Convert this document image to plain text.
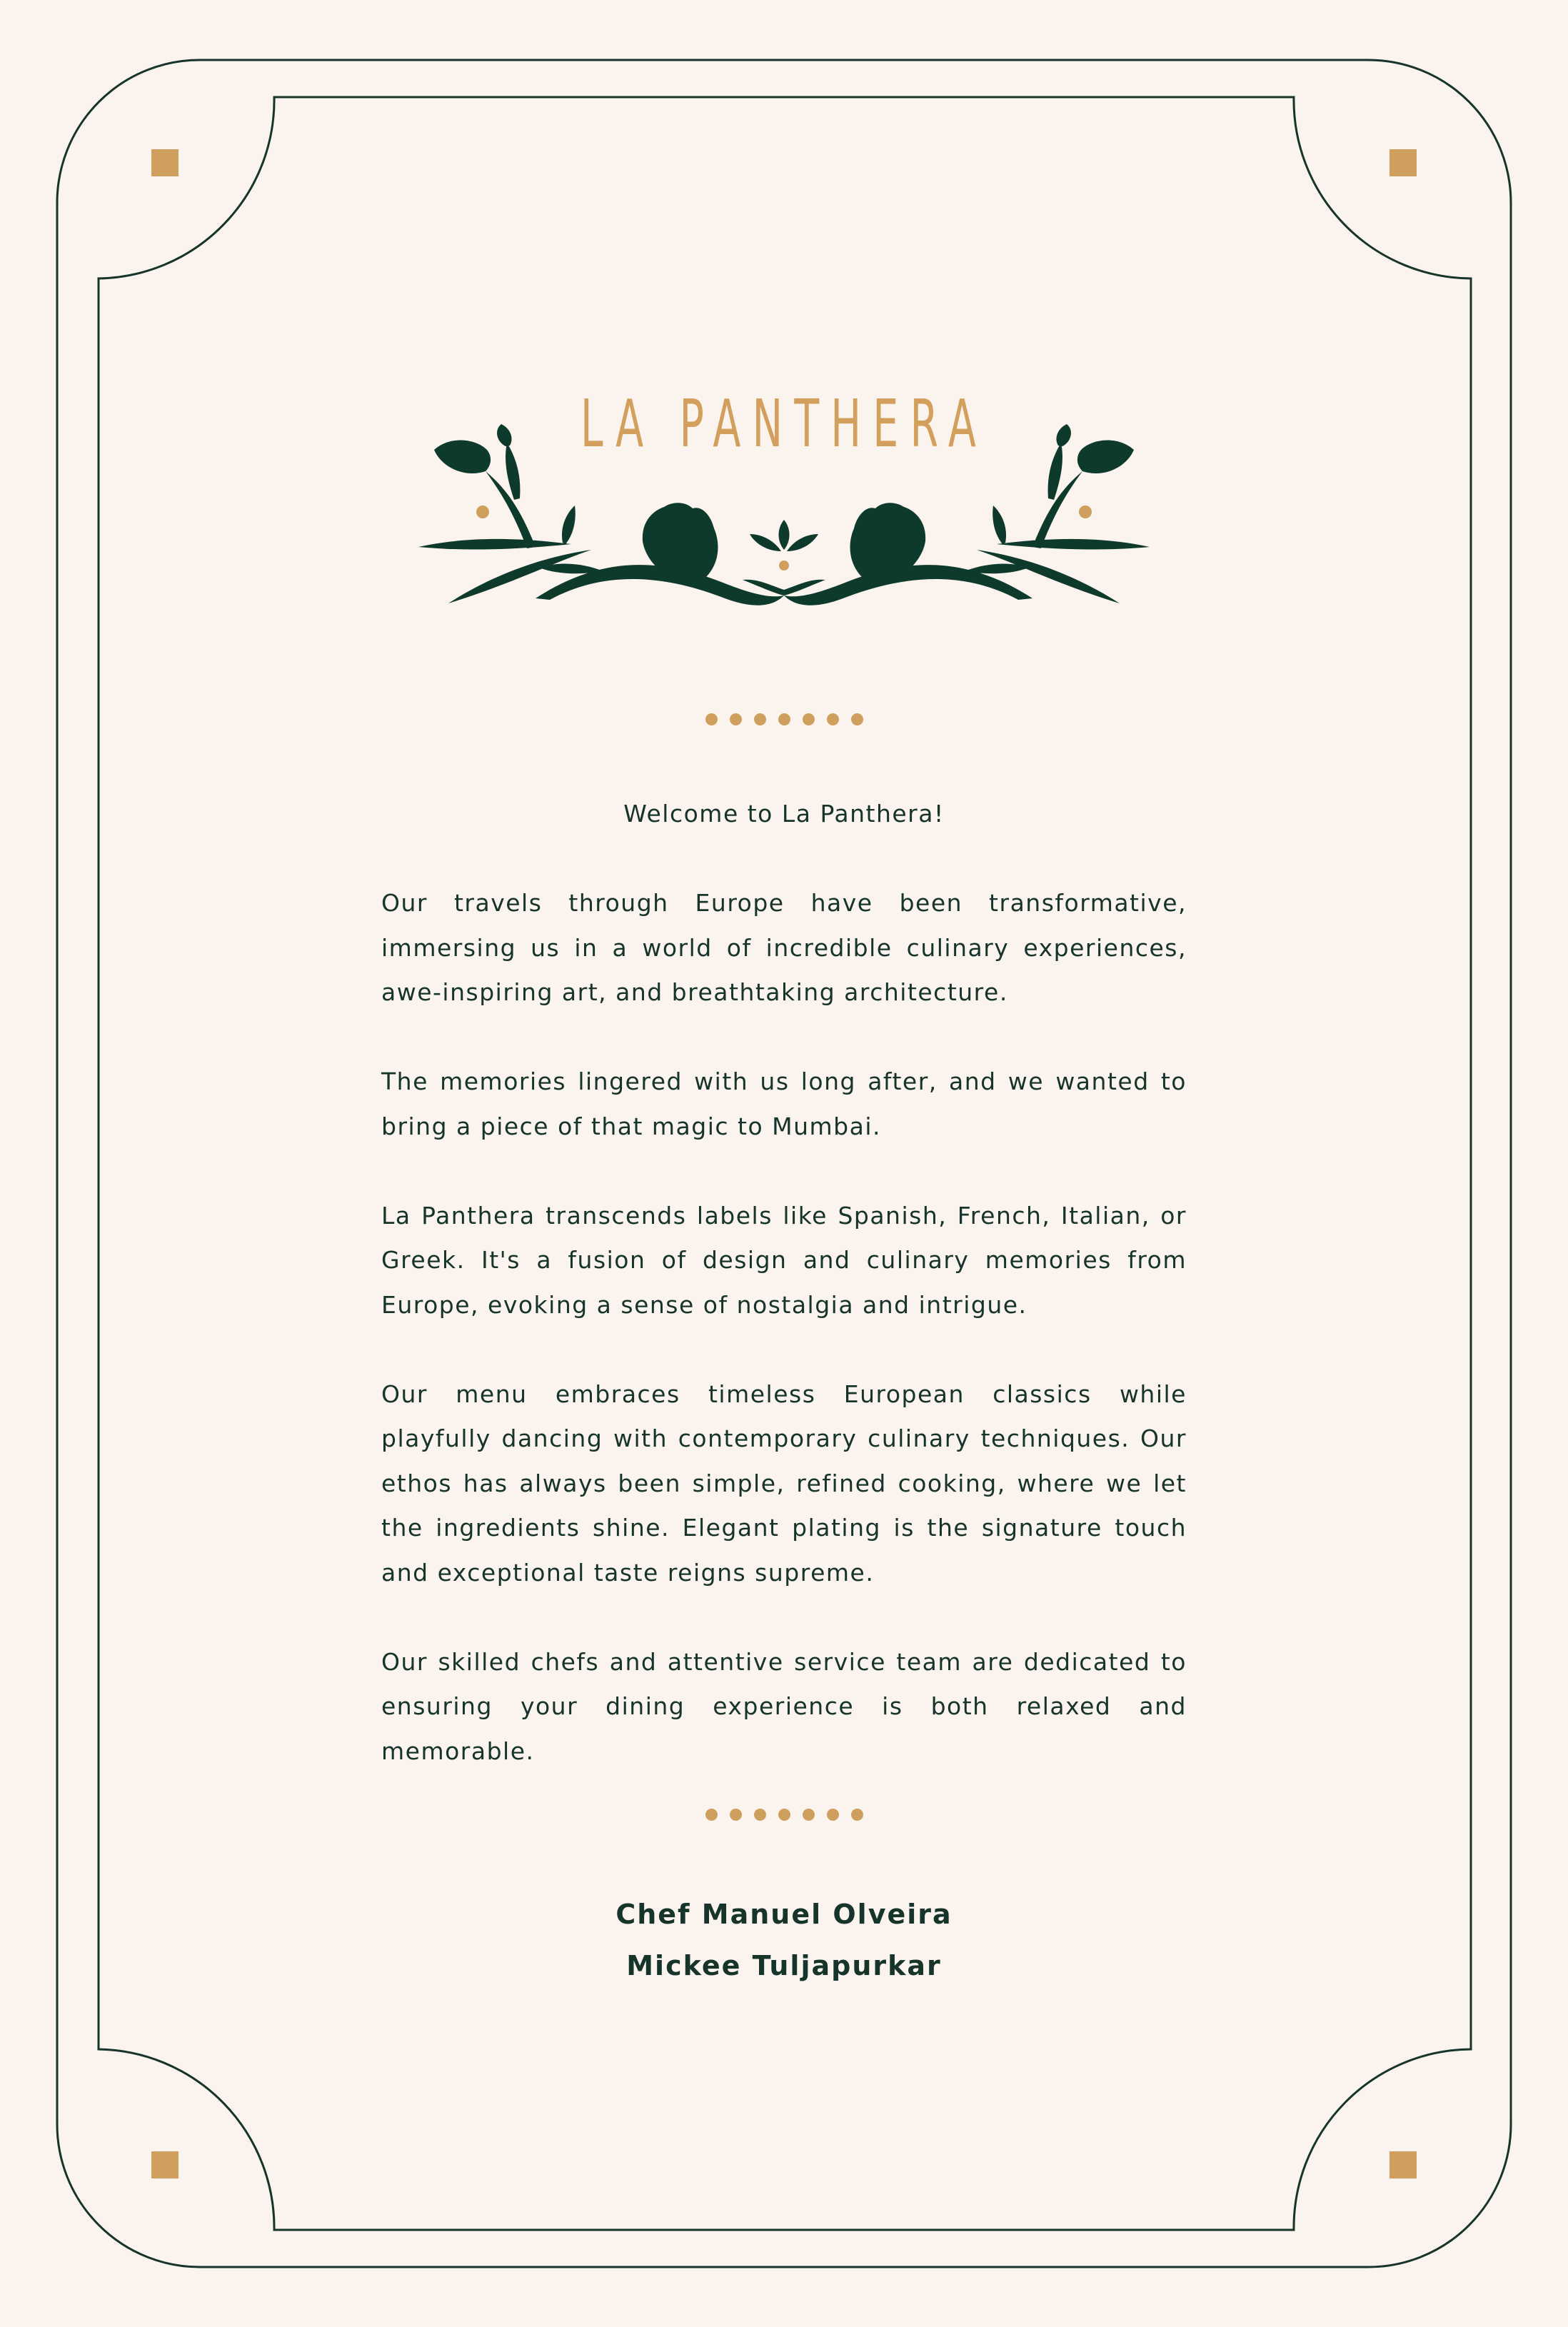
LA PANTHERA
Welcome to La Panthera!

Our travels through Europe have been transformative, immersing us in a world of incredible culinary experiences, awe-inspiring art, and breathtaking architecture.

The memories lingered with us long after, and we wanted to bring a piece of that magic to Mumbai.

La Panthera transcends labels like Spanish, French, Italian, or Greek. It's a fusion of design and culinary memories from Europe, evoking a sense of nostalgia and intrigue.

Our menu embraces timeless European classics while playfully dancing with contemporary culinary techniques. Our ethos has always been simple, refined cooking, where we let the ingredients shine. Elegant plating is the signature touch and exceptional taste reigns supreme.

Our skilled chefs and attentive service team are dedicated to ensuring your dining experience is both relaxed and memorable.

Chef Manuel Olveira
Mickee Tuljapurkar
